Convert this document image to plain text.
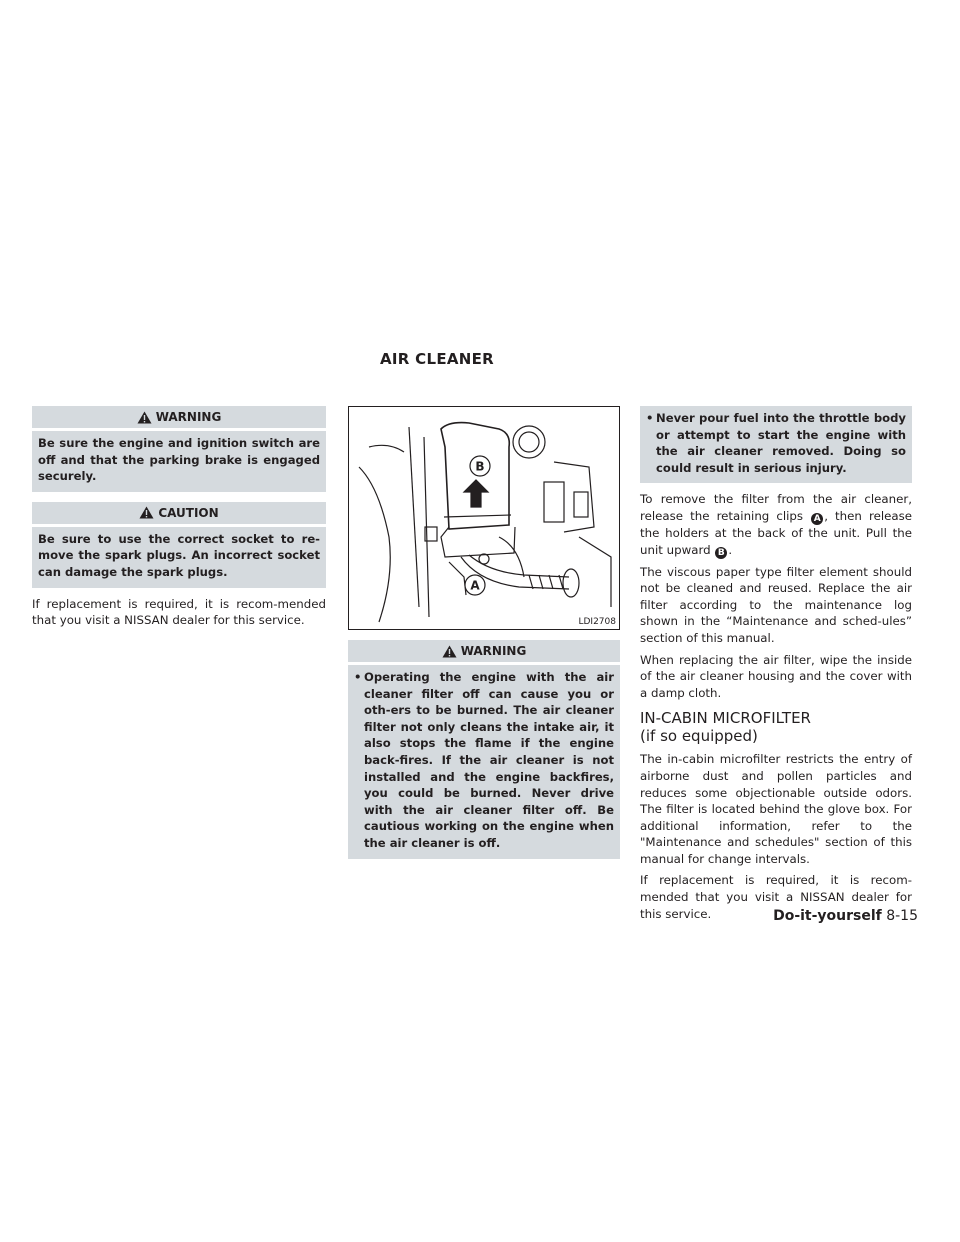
AIR CLEANER
WARNING
Be sure the engine and ignition switch are off and that the parking brake is engaged securely.
CAUTION
Be sure to use the correct socket to re-move the spark plugs. An incorrect socket can damage the spark plugs.

If replacement is required, it is recom-mended that you visit a NISSAN dealer for this service.

B
A
LDI2708
WARNING
• Operating the engine with the air cleaner filter off can cause you or oth-ers to be burned. The air cleaner filter not only cleans the intake air, it also stops the flame if the engine back-fires. If the air cleaner is not installed and the engine backfires, you could be burned. Never drive with the air cleaner filter off. Be cautious working on the engine when the air cleaner is off.
• Never pour fuel into the throttle body or attempt to start the engine with the air cleaner removed. Doing so could result in serious injury.

To remove the filter from the air cleaner, release the retaining clips A , then release the holders at the back of the unit. Pull the unit upward B .

The viscous paper type filter element should not be cleaned and reused. Replace the air filter according to the maintenance log shown in the “Maintenance and sched-ules” section of this manual.

When replacing the air filter, wipe the inside of the air cleaner housing and the cover with a damp cloth.

IN-CABIN MICROFILTER
(if so equipped)

The in-cabin microfilter restricts the entry of airborne dust and pollen particles and reduces some objectionable outside odors. The filter is located behind the glove box. For additional information, refer to the "Maintenance and schedules" section of this manual for change intervals.

If replacement is required, it is recom-mended that you visit a NISSAN dealer for this service.	Do-it-yourself 8-15
